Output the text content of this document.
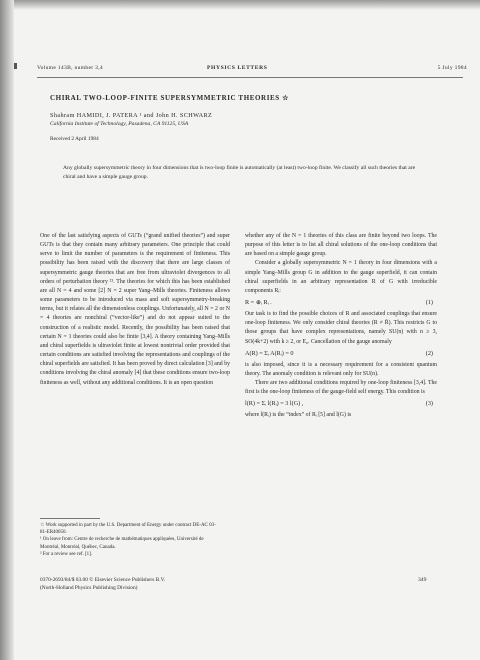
Volume 143B, number 3,4	PHYSICS LETTERS	5 July 1984
CHIRAL TWO-LOOP-FINITE SUPERSYMMETRIC THEORIES ☆
Shahram HAMIDI, J. PATERA ¹ and John H. SCHWARZ
California Institute of Technology, Pasadena, CA 91125, USA
Received 2 April 1984
Any globally supersymmetric theory in four dimensions that is two-loop finite is automatically (at least) two-loop finite. We classify all such theories that are chiral and have a simple gauge group.

One of the last satisfying aspects of GUTs (“grand unified theories”) and super GUTs is that they contain many arbitrary parameters. One principle that could serve to limit the number of parameters is the requirement of finiteness. This possibility has been raised with the discovery that there are large classes of supersymmetric gauge theories that are free from ultraviolet divergences to all orders of perturbation theory ²¹. The theories for which this has been established are all N = 4 and some [2] N = 2 super Yang–Mills theories. Finiteness allows some parameters to be introduced via mass and soft supersymmetry-breaking terms, but it relates all the dimensionless couplings. Unfortunately, all N = 2 or N = 4 theories are nonchiral (“vector-like”) and do not appear suited to the construction of a realistic model. Recently, the possibility has been raised that certain N = 1 theories could also be finite [3,4]. A theory containing Yang–Mills and chiral superfields is ultraviolet finite at lowest nontrivial order provided that certain conditions are satisfied involving the representations and couplings of the chiral superfields are satisfied. It has been proved by direct calculation [3] and by conditions involving the chiral anomaly [4] that these conditions ensure two-loop finiteness as well, without any additional conditions. It is an open question

☆ Work supported in part by the U.S. Department of Energy under contract DE-AC 03-81-ER40050.

¹ On leave from: Centre de recherche de mathématiques appliquées, Université de Montréal, Montréal, Québec, Canada.

² For a review see ref. [1].

0370-2693/84/$ 03.00 © Elsevier Science Publishers B.V.
(North-Holland Physics Publishing Division)

whether any of the N = 1 theories of this class are finite beyond two loops. The purpose of this letter is to list all chiral solutions of the one-loop conditions that are based on a simple gauge group.

Consider a globally supersymmetric N = 1 theory in four dimensions with a simple Yang–Mills group G in addition to the gauge superfield, it can contain chiral superfields in an arbitrary representation R of G with irreducible components Rᵢ:

R = ⊕ᵢ Rᵢ .	(1)

Our task is to find the possible choices of R and associated couplings that ensure one-loop finiteness. We only consider chiral theories (R ≠ R̄). This restricts G to those groups that have complex representations, namely SU(n) with n ≥ 3, SO(4k+2) with k ≥ 2, or E₆. Cancellation of the gauge anomaly

A(R) = Σᵢ A(Rᵢ) = 0	(2)

is also imposed, since it is a necessary requirement for a consistent quantum theory. The anomaly condition is relevant only for SU(n).

There are two additional conditions required by one-loop finiteness [3,4]. The first is the one-loop finiteness of the gauge-field self energy. This condition is

l(R) = Σᵢ l(Rᵢ) = 3 l(G) ,	(3)

where l(Rᵢ) is the “index” of Rᵢ [5] and l(G) is

349
